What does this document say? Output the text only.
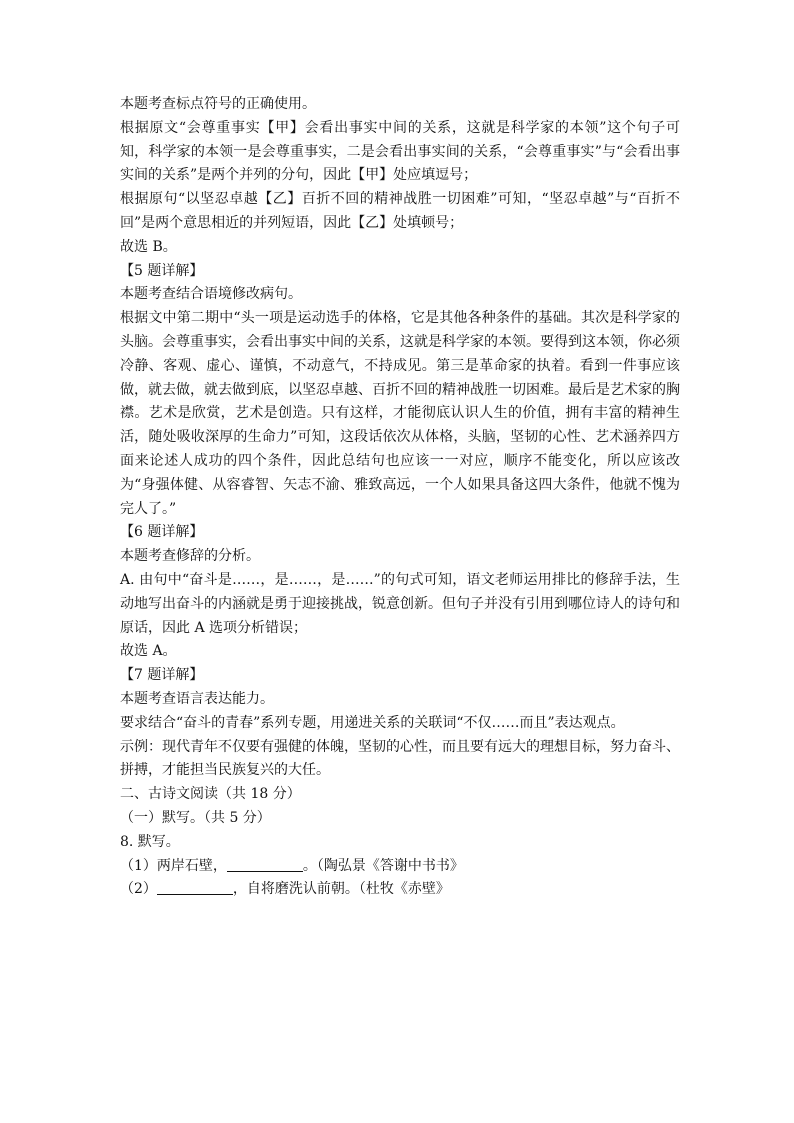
本题考查标点符号的正确使用。
根据原文“会尊重事实【甲】会看出事实中间的关系，这就是科学家的本领”这个句子可知，科学家的本领一是会尊重事实，二是会看出事实间的关系，“会尊重事实”与“会看出事实间的关系”是两个并列的分句，因此【甲】处应填逗号；
根据原句“以坚忍卓越【乙】百折不回的精神战胜一切困难”可知，“坚忍卓越”与“百折不回”是两个意思相近的并列短语，因此【乙】处填顿号；
故选 B。
【5 题详解】
本题考查结合语境修改病句。
根据文中第二期中“头一项是运动选手的体格，它是其他各种条件的基础。其次是科学家的头脑。会尊重事实，会看出事实中间的关系，这就是科学家的本领。要得到这本领，你必须冷静、客观、虚心、谨慎，不动意气，不持成见。第三是革命家的执着。看到一件事应该做，就去做，就去做到底，以坚忍卓越、百折不回的精神战胜一切困难。最后是艺术家的胸襟。艺术是欣赏，艺术是创造。只有这样，才能彻底认识人生的价值，拥有丰富的精神生活，随处吸收深厚的生命力”可知，这段话依次从体格，头脑，坚韧的心性、艺术涵养四方面来论述人成功的四个条件，因此总结句也应该一一对应，顺序不能变化，所以应该改为“身强体健、从容睿智、矢志不渝、雅致高远，一个人如果具备这四大条件，他就不愧为完人了。”
【6 题详解】
本题考查修辞的分析。
A. 由句中“奋斗是……，是……，是……”的句式可知，语文老师运用排比的修辞手法，生动地写出奋斗的内涵就是勇于迎接挑战，锐意创新。但句子并没有引用到哪位诗人的诗句和原话，因此 A 选项分析错误；
故选 A。
【7 题详解】
本题考查语言表达能力。
要求结合“奋斗的青春”系列专题，用递进关系的关联词“不仅……而且”表达观点。
示例：现代青年不仅要有强健的体魄，坚韧的心性，而且要有远大的理想目标，努力奋斗、拼搏，才能担当民族复兴的大任。
二、古诗文阅读（共 18 分）
（一）默写。（共 5 分）
8. 默写。
（1）两岸石壁，	。（陶弘景《答谢中书书》
（2）	，自将磨洗认前朝。（杜牧《赤壁》
